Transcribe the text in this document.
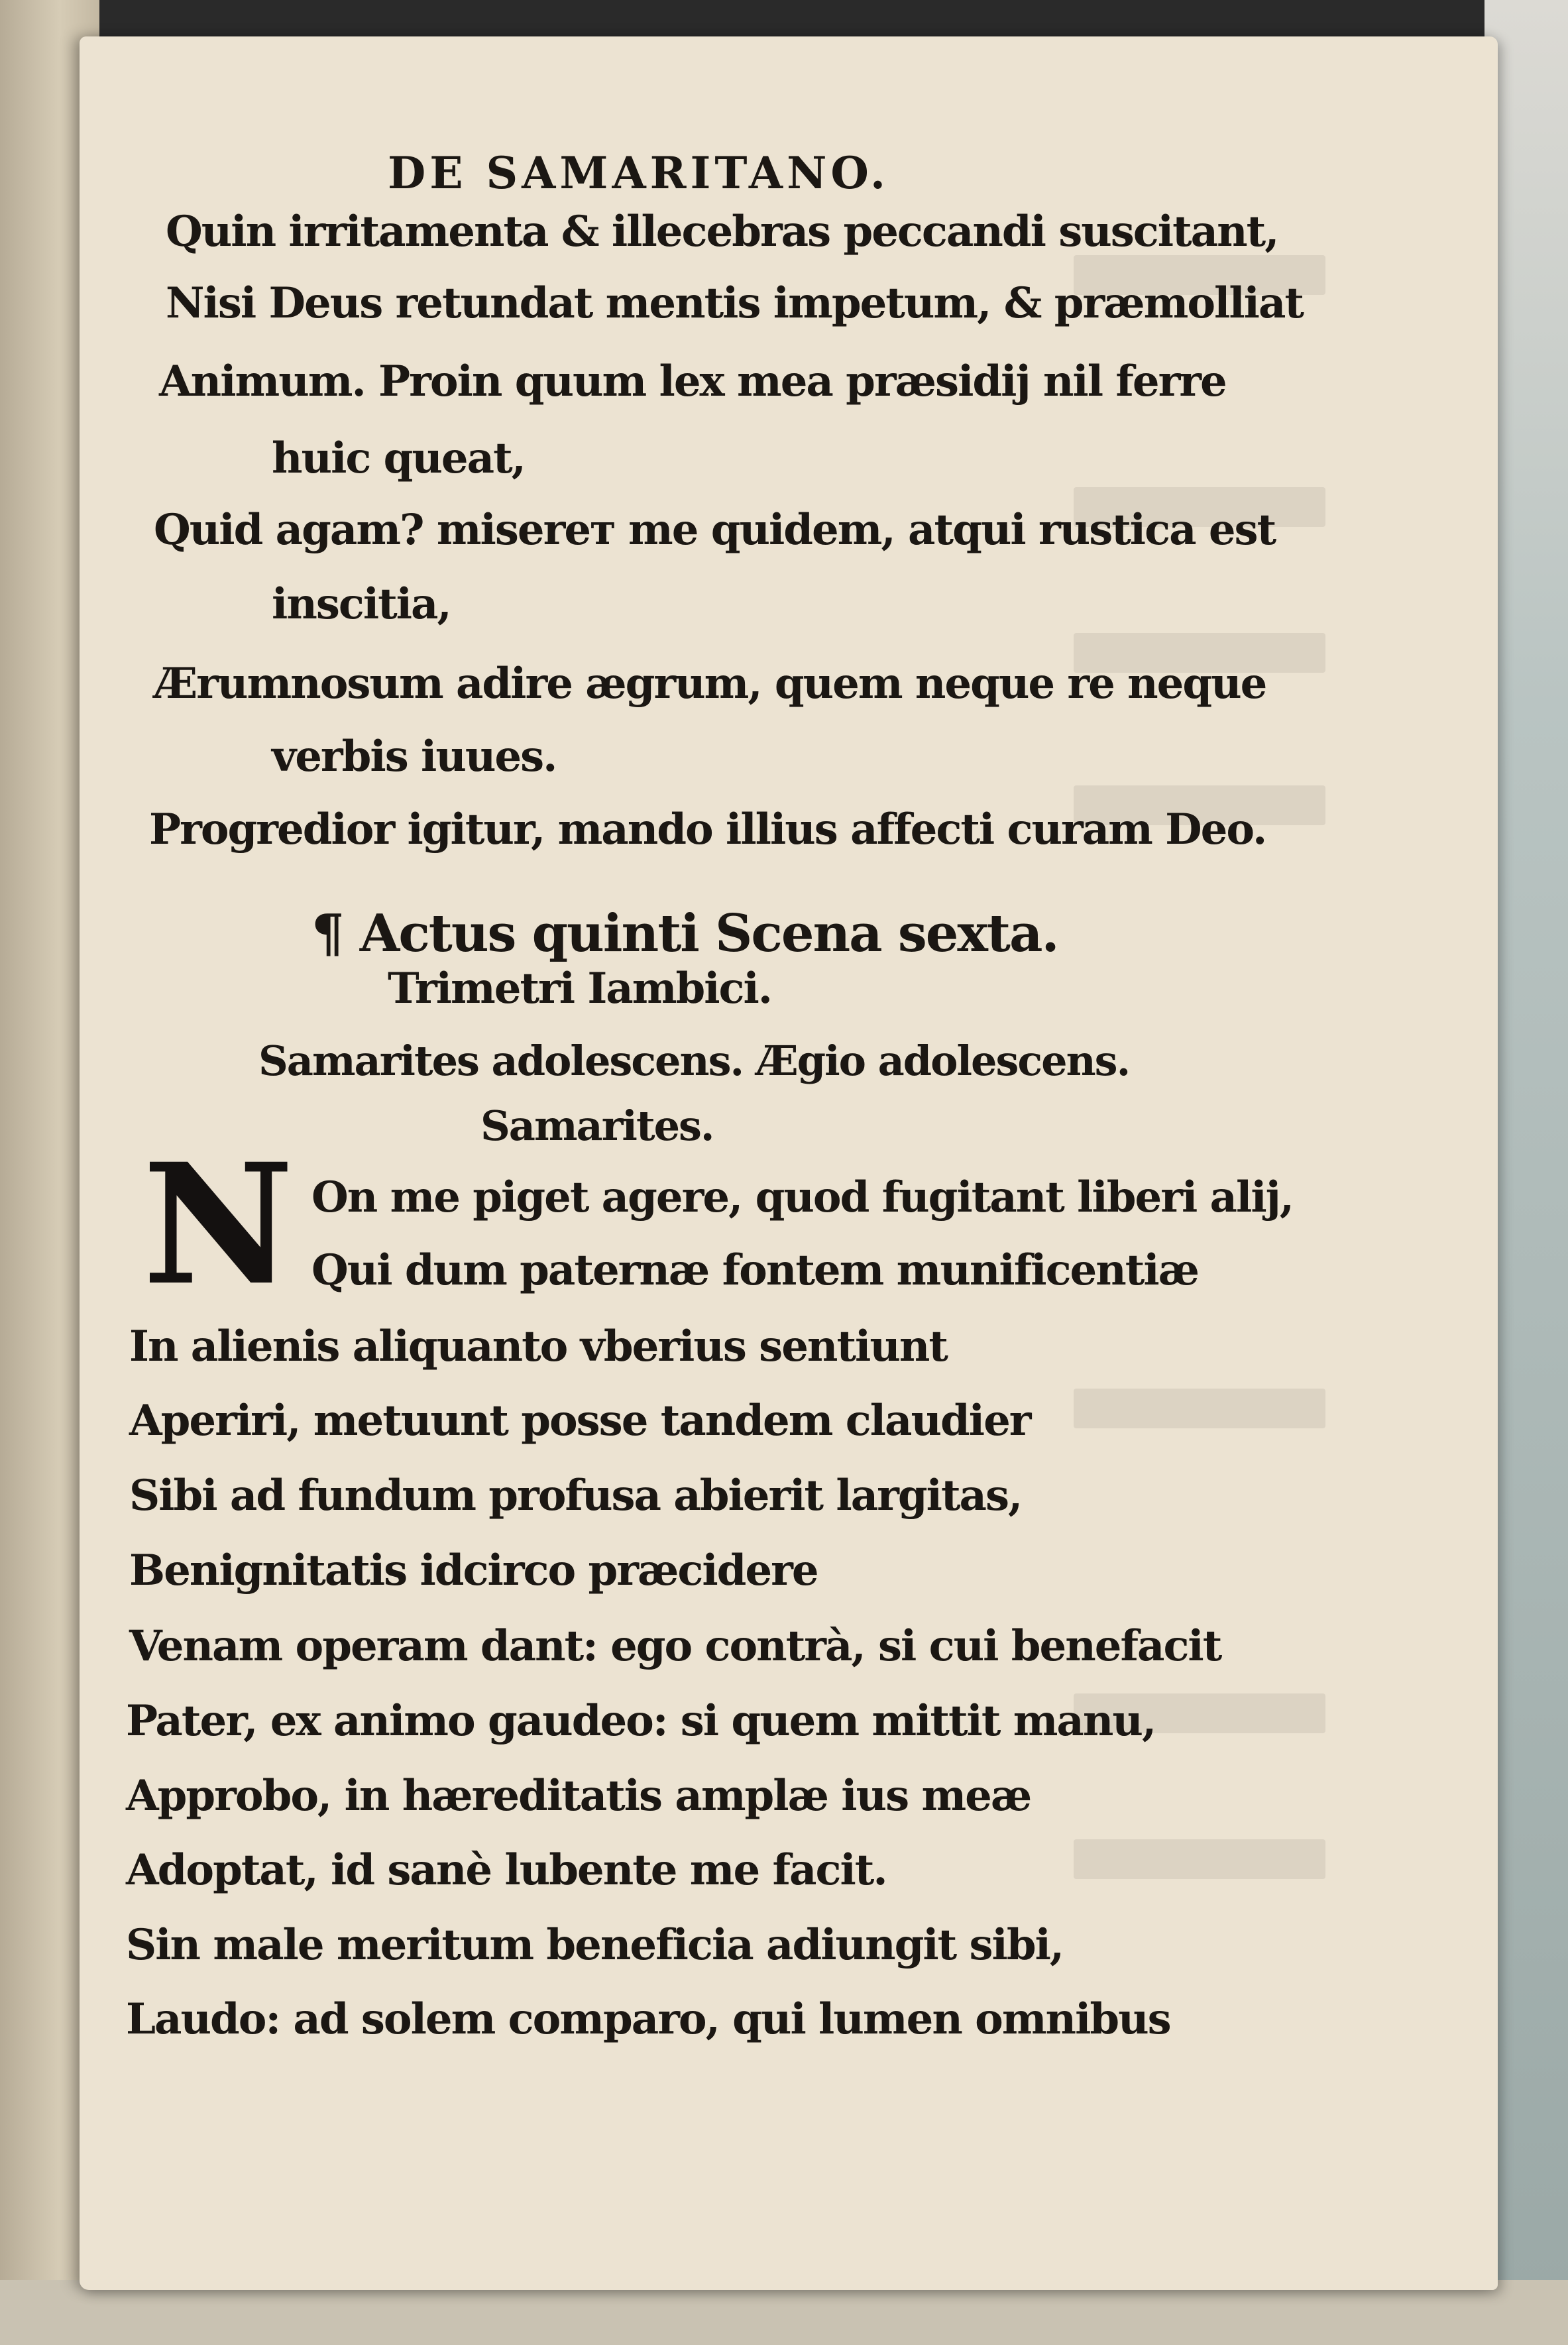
DE SAMARITANO.
Quin irritamenta & illecebras peccandi suscitant,
Nisi Deus retundat mentis impetum, & præmolliat
Animum. Proin quum lex mea præsidij nil ferre
huic queat,
Quid agam? misereт me quidem, atqui rustica est
inscitia,
Ærumnosum adire ægrum, quem neque re neque
verbis iuues.
Progredior igitur, mando illius affecti curam Deo.
¶ Actus quinti Scena sexta.
Trimetri Iambici.
Samarites adolescens. Ægio adolescens.
Samarites.
N On me piget agere, quod fugitant liberi alij,
Qui dum paternæ fontem munificentiæ
In alienis aliquanto vberius sentiunt
Aperiri, metuunt posse tandem claudier
Sibi ad fundum profusa abierit largitas,
Benignitatis idcirco præcidere
Venam operam dant: ego contrà, si cui benefacit
Pater, ex animo gaudeo: si quem mittit manu,
Approbo, in hæreditatis amplæ ius meæ
Adoptat, id sanè lubente me facit.
Sin male meritum beneficia adiungit sibi,
Laudo: ad solem comparo, qui lumen omnibus
